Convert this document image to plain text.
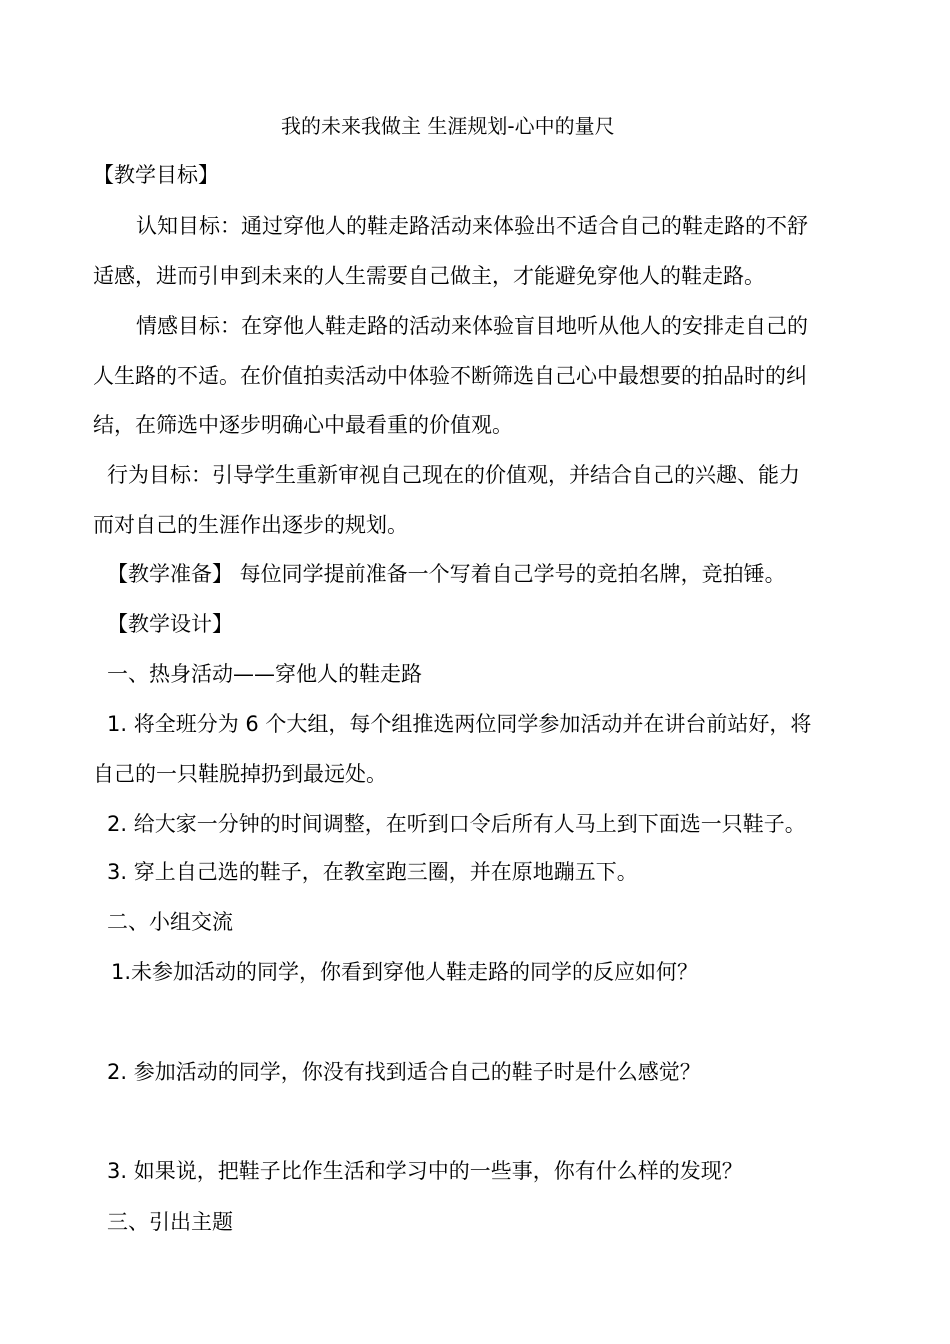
我的未来我做主 生涯规划-心中的量尺

【教学目标】

认知目标：通过穿他人的鞋走路活动来体验出不适合自己的鞋走路的不舒

适感，进而引申到未来的人生需要自己做主，才能避免穿他人的鞋走路。

情感目标：在穿他人鞋走路的活动来体验盲目地听从他人的安排走自己的

人生路的不适。在价值拍卖活动中体验不断筛选自己心中最想要的拍品时的纠

结，在筛选中逐步明确心中最看重的价值观。

行为目标：引导学生重新审视自己现在的价值观，并结合自己的兴趣、能力

而对自己的生涯作出逐步的规划。

【教学准备】 每位同学提前准备一个写着自己学号的竞拍名牌，竞拍锤。

【教学设计】

一、热身活动——穿他人的鞋走路

1. 将全班分为 6 个大组，每个组推选两位同学参加活动并在讲台前站好，将

自己的一只鞋脱掉扔到最远处。

2. 给大家一分钟的时间调整，在听到口令后所有人马上到下面选一只鞋子。

3. 穿上自己选的鞋子，在教室跑三圈，并在原地蹦五下。

二、小组交流

1.未参加活动的同学，你看到穿他人鞋走路的同学的反应如何？

2. 参加活动的同学，你没有找到适合自己的鞋子时是什么感觉？

3. 如果说，把鞋子比作生活和学习中的一些事，你有什么样的发现？

三、引出主题
